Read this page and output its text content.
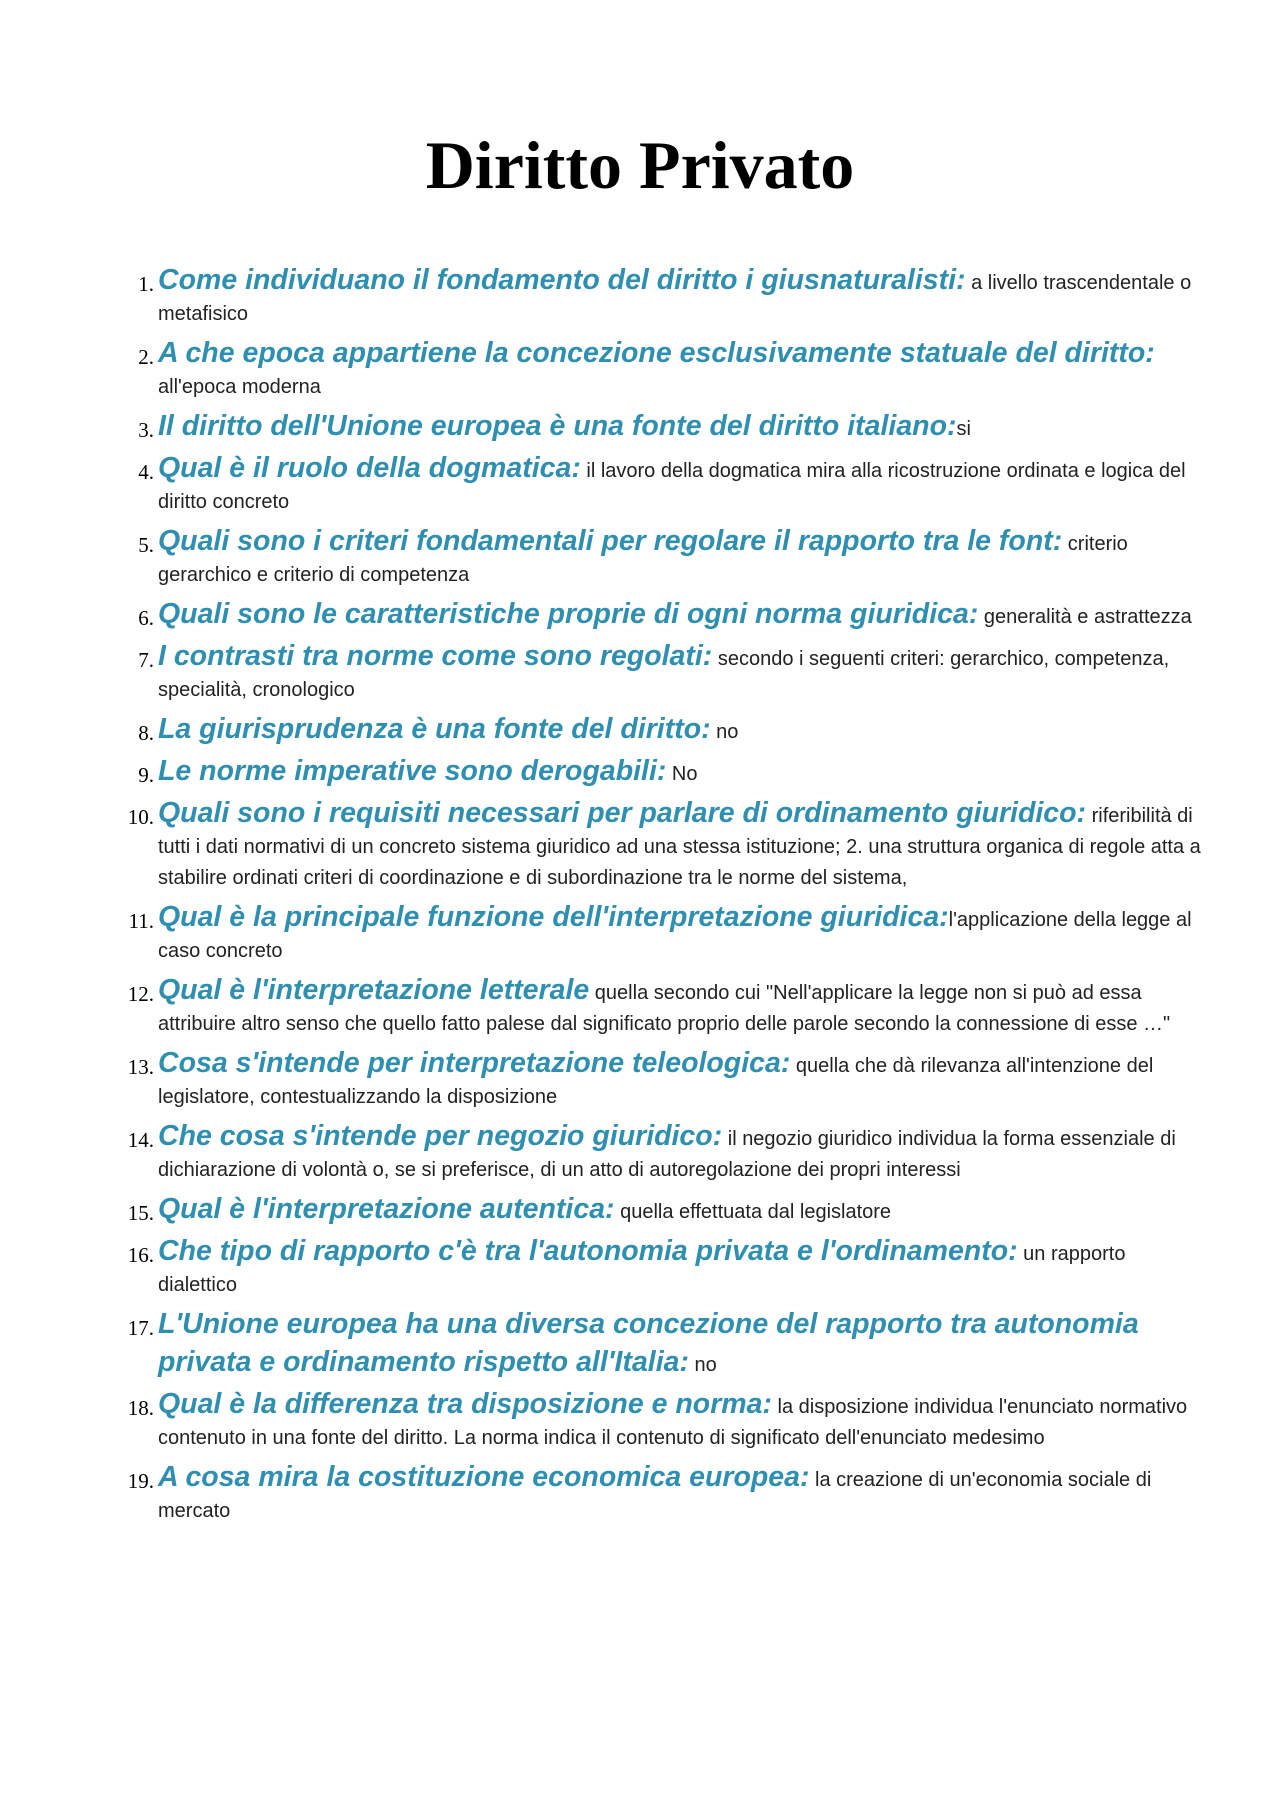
Diritto Privato
1. Come individuano il fondamento del diritto i giusnaturalisti: a livello trascendentale o metafisico
2. A che epoca appartiene la concezione esclusivamente statuale del diritto: all'epoca moderna
3. Il diritto dell'Unione europea è una fonte del diritto italiano:si
4. Qual è il ruolo della dogmatica: il lavoro della dogmatica mira alla ricostruzione ordinata e logica del diritto concreto
5. Quali sono i criteri fondamentali per regolare il rapporto tra le font: criterio gerarchico e criterio di competenza
6. Quali sono le caratteristiche proprie di ogni norma giuridica: generalità e astrattezza
7. I contrasti tra norme come sono regolati: secondo i seguenti criteri: gerarchico, competenza, specialità, cronologico
8. La giurisprudenza è una fonte del diritto: no
9. Le norme imperative sono derogabili: No
10. Quali sono i requisiti necessari per parlare di ordinamento giuridico: riferibilità di tutti i dati normativi di un concreto sistema giuridico ad una stessa istituzione; 2. una struttura organica di regole atta a stabilire ordinati criteri di coordinazione e di subordinazione tra le norme del sistema,
11. Qual è la principale funzione dell'interpretazione giuridica:l'applicazione della legge al caso concreto
12. Qual è l'interpretazione letterale quella secondo cui "Nell'applicare la legge non si può ad essa attribuire altro senso che quello fatto palese dal significato proprio delle parole secondo la connessione di esse …"
13. Cosa s'intende per interpretazione teleologica: quella che dà rilevanza all'intenzione del legislatore, contestualizzando la disposizione
14. Che cosa s'intende per negozio giuridico: il negozio giuridico individua la forma essenziale di dichiarazione di volontà o, se si preferisce, di un atto di autoregolazione dei propri interessi
15. Qual è l'interpretazione autentica: quella effettuata dal legislatore
16. Che tipo di rapporto c'è tra l'autonomia privata e l'ordinamento: un rapporto dialettico
17. L'Unione europea ha una diversa concezione del rapporto tra autonomia privata e ordinamento rispetto all'Italia: no
18. Qual è la differenza tra disposizione e norma: la disposizione individua l'enunciato normativo contenuto in una fonte del diritto. La norma indica il contenuto di significato dell'enunciato medesimo
19. A cosa mira la costituzione economica europea: la creazione di un'economia sociale di mercato
